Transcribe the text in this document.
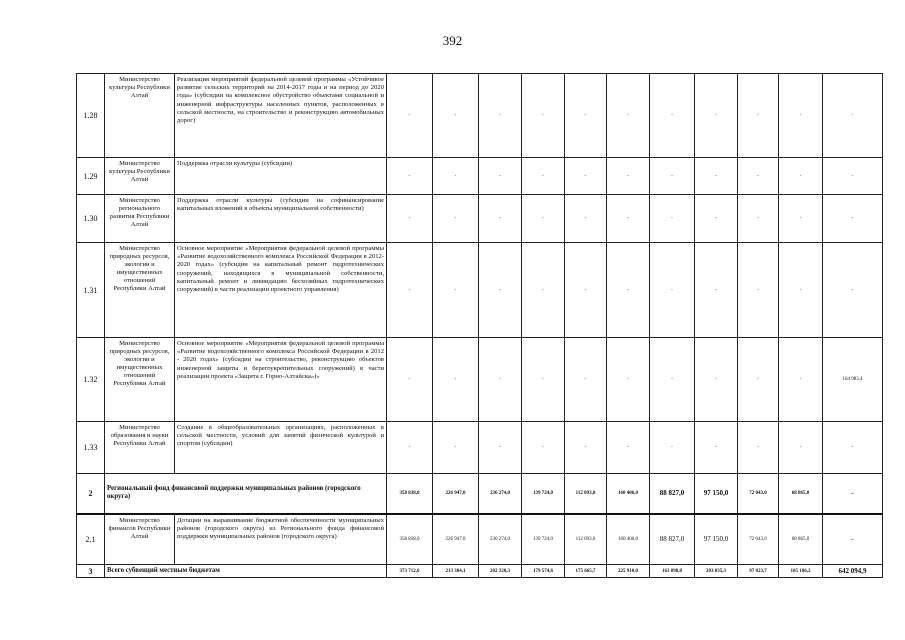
392
1.28	Министерство культуры Республики Алтай	Реализация мероприятий федеральной целевой программы «Устойчивое развитие сельских территорий на 2014-2017 годы и на период до 2020 года» (субсидии на комплексное обустройство объектами социальной и инженерной инфраструктуры населенных пунктов, расположенных в сельской местности, на строительство и реконструкцию автомобильных дорог)	-	-	-	-	-	-	-	-	-	-	-
1.29	Министерство культуры Республики Алтай	Поддержка отрасли культуры (субсидии)	-	-	-	-	-	-	-	-	-	-	-
1.30	Министерство регионального развития Республики Алтай	Поддержка отрасли культуры (субсидии на софинансирование капитальных вложений в объекты муниципальной собственности)	-	-	-	-	-	-	-	-	-	-	-
1.31	Министерство природных ресурсов, экологии и имущественных отношений Республики Алтай	Основное мероприятие «Мероприятия федеральной целевой программы «Развитие водохозяйственного комплекса Российской Федерации в 2012-2020 годах» (субсидии на капитальный ремонт гидротехнических сооружений, находящихся в муниципальной собственности, капитальный ремонт и ликвидацию бесхозяйных гидротехнических сооружений) в части реализации проектного управления)	-	-	-	-	-	-	-	-	-	-	-
1.32	Министерство природных ресурсов, экологии и имущественных отношений Республики Алтай	Основное мероприятие «Мероприятия федеральной целевой программы «Развитие водохозяйственного комплекса Российской Федерации в 2012 - 2020 годах» (субсидии на строительство, реконструкцию объектов инженерной защиты и берегоукрепительных сооружений) в части реализации проекта «Защита г. Горно-Алтайска»)»	-	-	-	-	-	-	-	-	-	-	164 983,4
1.33	Министерство образования и науки Республики Алтай	Создание в общеобразовательных организациях, расположенных в сельской местности, условий для занятий физической культурой и спортом (субсидии)	-	-	-	-	-	-	-	-	-	-	-
2	Региональный фонд финансовой поддержки муниципальных районов (городского округа)		358 838,0	226 947,0	236 274,0	139 724,0	112 093,0	160 406,0	88 827,0	97 150,0	72 043,0	68 865,0	-
2.1	Министерство финансов Республики Алтай	Дотации на выравнивание бюджетной обеспеченности муниципальных районов (городского округа) из Регионального фонда финансовой поддержки муниципальных районов (городского округа)	358 838,0	226 947,0	236 274,0	139 724,0	112 093,0	160 406,0	88 827,0	97 150,0	72 043,0	68 865,0	-
3	Всего субвенций местным бюджетам		373 712,6	213 304,1	202 320,3	179 574,6	175 665,7	225 910,0	163 898,8	203 035,3	97 823,7	105 186,2	642 094,9
